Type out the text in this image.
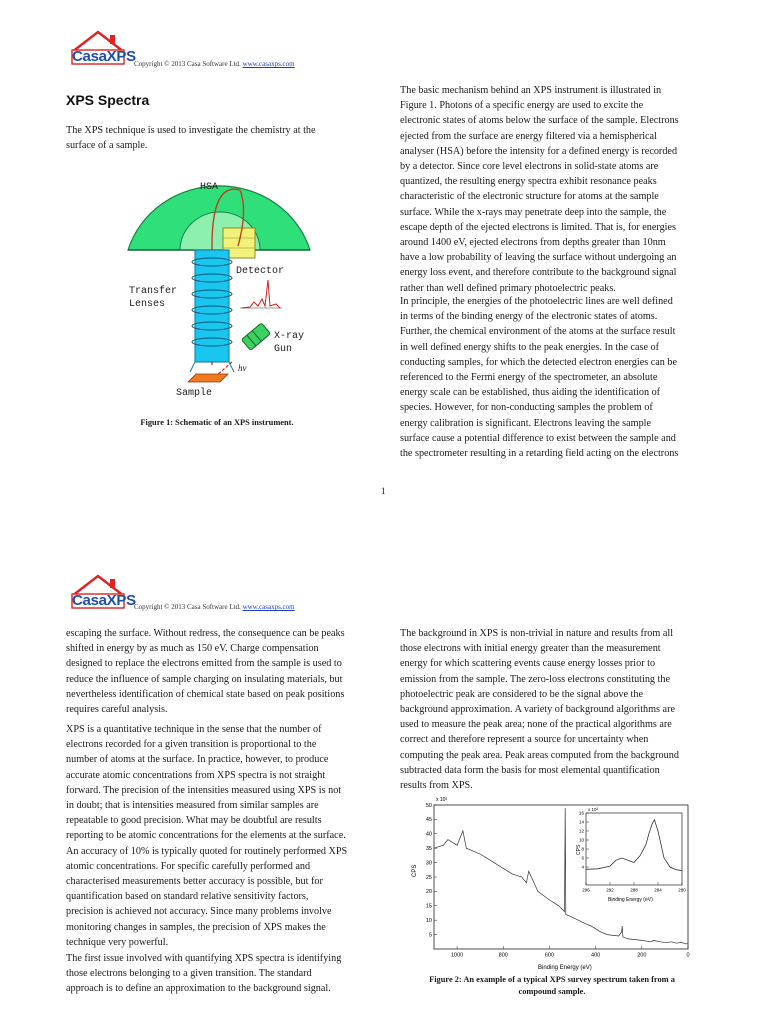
CasaXPS
Copyright © 2013 Casa Software Ltd. www.casaxps.com
XPS Spectra

The XPS technique is used to investigate the chemistry at the surface of a sample.

HSA
Detector
Transfer
Lenses
X-ray
Gun
hν
Sample
Figure 1: Schematic of an XPS instrument.
The basic mechanism behind an XPS instrument is illustrated in
Figure 1. Photons of a specific energy are used to excite the
electronic states of atoms below the surface of the sample. Electrons
ejected from the surface are energy filtered via a hemispherical
analyser (HSA) before the intensity for a defined energy is recorded
by a detector. Since core level electrons in solid-state atoms are
quantized, the resulting energy spectra exhibit resonance peaks
characteristic of the electronic structure for atoms at the sample
surface. While the x-rays may penetrate deep into the sample, the
escape depth of the ejected electrons is limited. That is, for energies
around 1400 eV, ejected electrons from depths greater than 10nm
have a low probability of leaving the surface without undergoing an
energy loss event, and therefore contribute to the background signal
rather than well defined primary photoelectric peaks.
In principle, the energies of the photoelectric lines are well defined
in terms of the binding energy of the electronic states of atoms.
Further, the chemical environment of the atoms at the surface result
in well defined energy shifts to the peak energies. In the case of
conducting samples, for which the detected electron energies can be
referenced to the Fermi energy of the spectrometer, an absolute
energy scale can be established, thus aiding the identification of
species. However, for non-conducting samples the problem of
energy calibration is significant. Electrons leaving the sample
surface cause a potential difference to exist between the sample and
the spectrometer resulting in a retarding field acting on the electrons
1
CasaXPS
Copyright © 2013 Casa Software Ltd. www.casaxps.com
escaping the surface. Without redress, the consequence can be peaks
shifted in energy by as much as 150 eV. Charge compensation
designed to replace the electrons emitted from the sample is used to
reduce the influence of sample charging on insulating materials, but
nevertheless identification of chemical state based on peak positions
requires careful analysis.
XPS is a quantitative technique in the sense that the number of
electrons recorded for a given transition is proportional to the
number of atoms at the surface. In practice, however, to produce
accurate atomic concentrations from XPS spectra is not straight
forward. The precision of the intensities measured using XPS is not
in doubt; that is intensities measured from similar samples are
repeatable to good precision. What may be doubtful are results
reporting to be atomic concentrations for the elements at the surface.
An accuracy of 10% is typically quoted for routinely performed XPS
atomic concentrations. For specific carefully performed and
characterised measurements better accuracy is possible, but for
quantification based on standard relative sensitivity factors,
precision is achieved not accuracy. Since many problems involve
monitoring changes in samples, the precision of XPS makes the
technique very powerful.
The first issue involved with quantifying XPS spectra is identifying
those electrons belonging to a given transition. The standard
approach is to define an approximation to the background signal.
The background in XPS is non-trivial in nature and results from all
those electrons with initial energy greater than the measurement
energy for which scattering events cause energy losses prior to
emission from the sample. The zero-loss electrons constituting the
photoelectric peak are considered to be the signal above the
background approximation. A variety of background algorithms are
used to measure the peak area; none of the practical algorithms are
correct and therefore represent a source for uncertainty when
computing the peak area. Peak areas computed from the background
subtracted data form the basis for most elemental quantification
results from XPS.
5
10
15
20
25
30
35
40
45
50
1000	800	600	400	200	0
CPS
x 10³
Binding Energy (eV)
4
6
8
10
12
14
16
296	292	288	284	280
CPS
x 10³
Binding Energy (eV)
Figure 2: An example of a typical XPS survey spectrum taken from a
compound sample.
